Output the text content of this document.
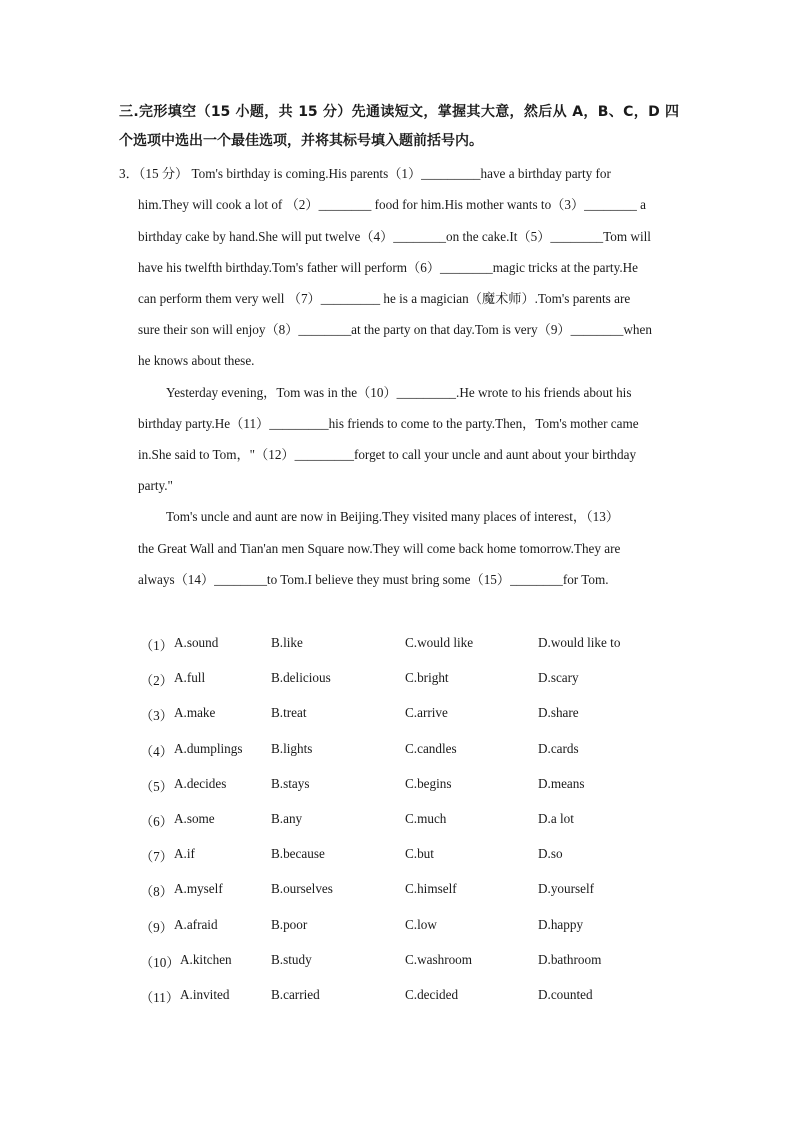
三.完形填空（15 小题，共 15 分）先通读短文，掌握其大意，然后从 A，B、C，D 四个选项中选出一个最佳选项，并将其标号填入题前括号内。
3．（15 分） Tom's birthday is coming.His parents（1）_________have a birthday party for
him.They will cook a lot of （2）________ food for him.His mother wants to（3）________ a
birthday cake by hand.She will put twelve（4）________on the cake.It（5）________Tom will
have his twelfth birthday.Tom's father will perform（6）________magic tricks at the party.He
can perform them very well （7）_________ he is a magician（魔术师）.Tom's parents are
sure their son will enjoy（8）________at the party on that day.Tom is very（9）________when
he knows about these.
Yesterday evening，Tom was in the（10）_________.He wrote to his friends about his
birthday party.He（11）_________his friends to come to the party.Then，Tom's mother came
in.She said to Tom，"（12）_________forget to call your uncle and aunt about your birthday
party."
Tom's uncle and aunt are now in Beijing.They visited many places of interest，（13）
the Great Wall and Tian'an men Square now.They will come back home tomorrow.They are
always（14）________to Tom.I believe they must bring some（15）________for Tom.
（1） A.sound	B.like	C.would like	D.would like to
（2） A.full	B.delicious	C.bright	D.scary
（3） A.make	B.treat	C.arrive	D.share
（4） A.dumplings B.lights	C.candles	D.cards
（5） A.decides	B.stays	C.begins	D.means
（6） A.some	B.any	C.much	D.a lot
（7） A.if	B.because	C.but	D.so
（8） A.myself	B.ourselves	C.himself	D.yourself
（9） A.afraid	B.poor	C.low	D.happy
（10） A.kitchen	B.study	C.washroom	D.bathroom
（11） A.invited	B.carried	C.decided	D.counted
